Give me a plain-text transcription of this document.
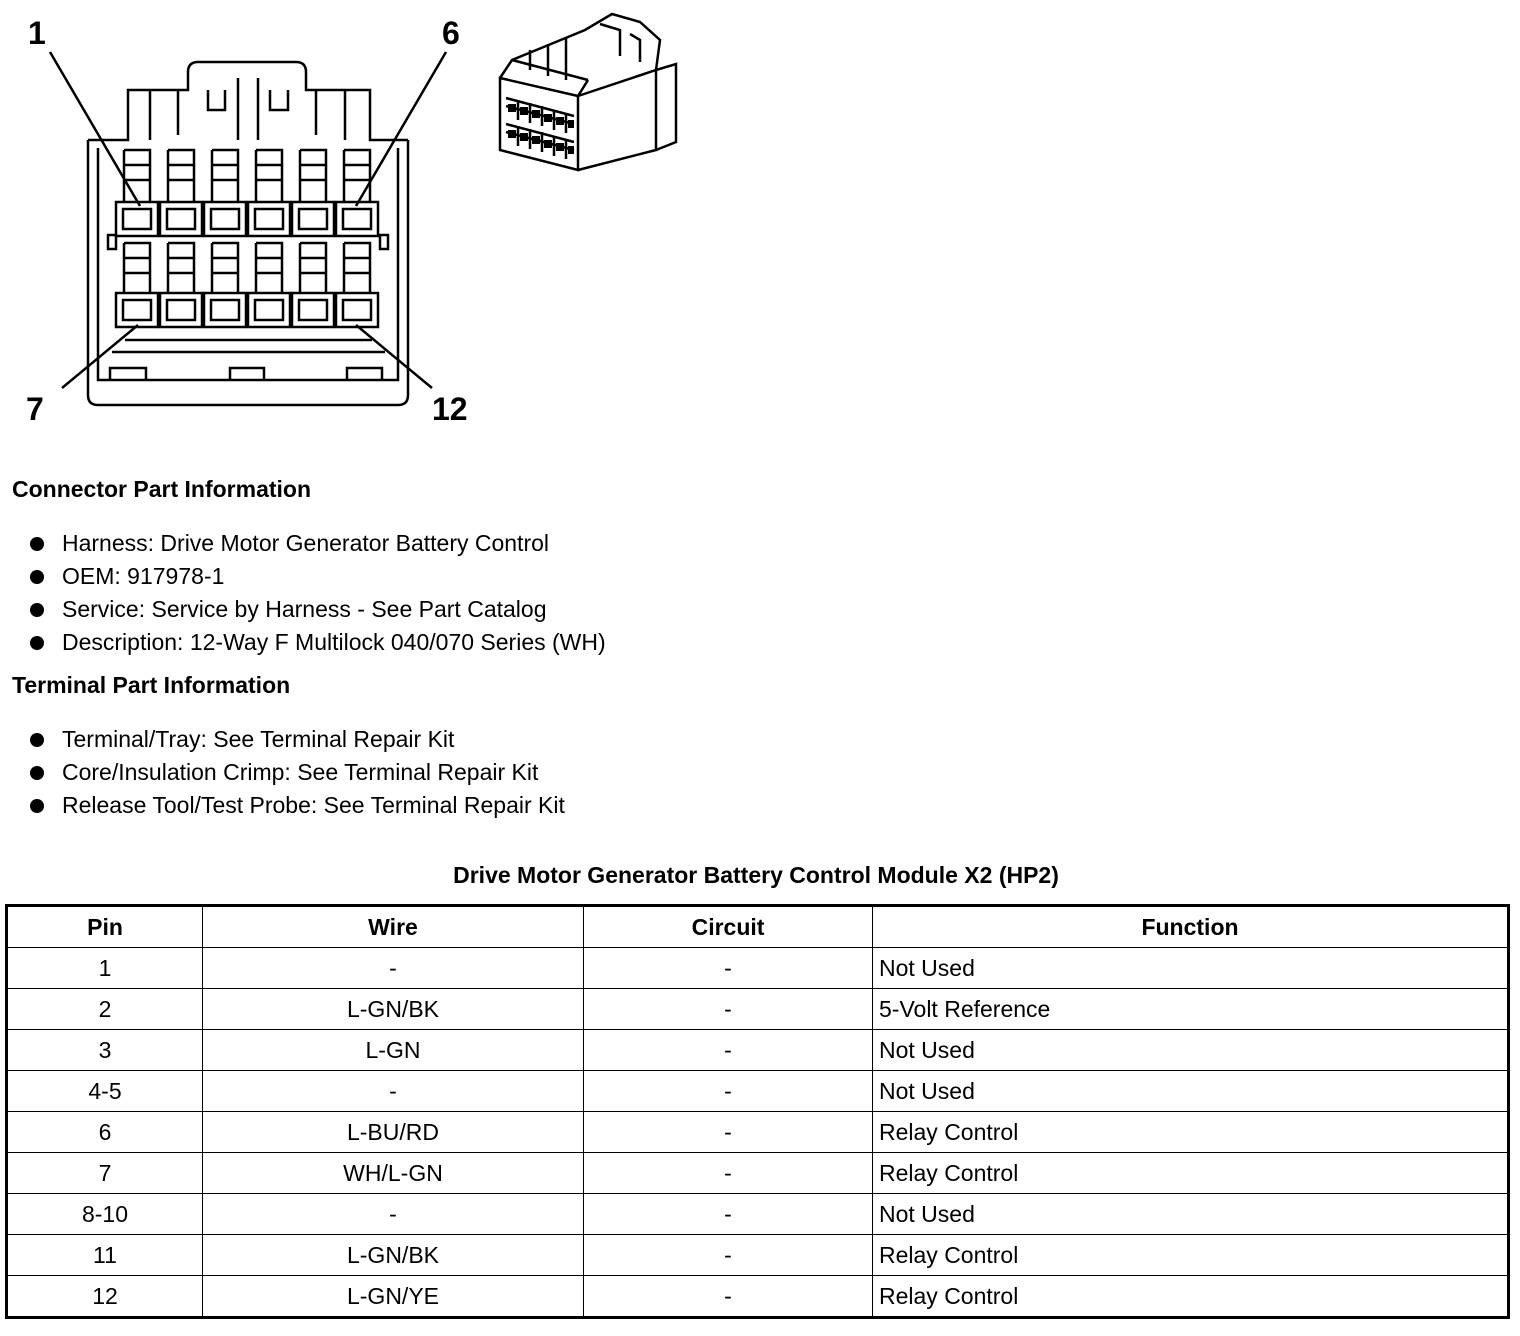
1	6
7	12
Connector Part Information
Harness: Drive Motor Generator Battery Control
OEM: 917978-1
Service: Service by Harness - See Part Catalog
Description: 12-Way F Multilock 040/070 Series (WH)
Terminal Part Information
Terminal/Tray: See Terminal Repair Kit
Core/Insulation Crimp: See Terminal Repair Kit
Release Tool/Test Probe: See Terminal Repair Kit
Drive Motor Generator Battery Control Module X2 (HP2)
Pin	Wire	Circuit	Function
1	-	-	Not Used
2	L-GN/BK	-	5-Volt Reference
3	L-GN	-	Not Used
4-5	-	-	Not Used
6	L-BU/RD	-	Relay Control
7	WH/L-GN	-	Relay Control
8-10	-	-	Not Used
11	L-GN/BK	-	Relay Control
12	L-GN/YE	-	Relay Control
